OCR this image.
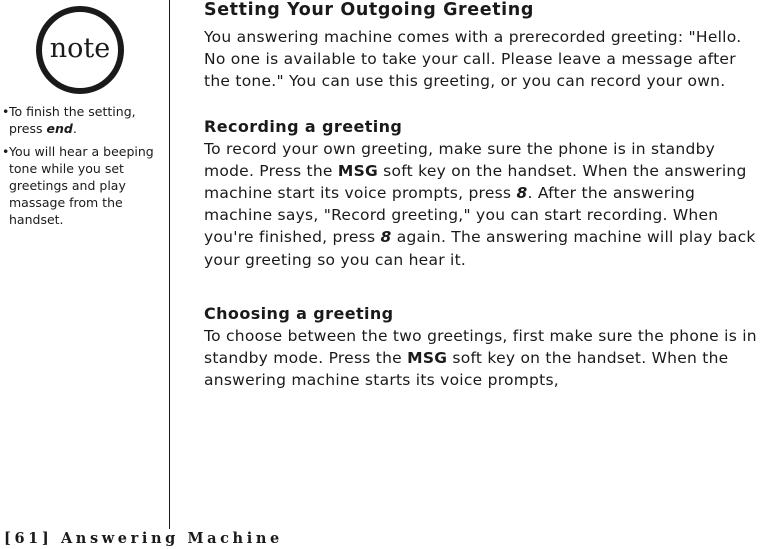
note
• To finish the setting, press end.
• You will hear a beeping tone while you set greetings and play massage from the handset.
Setting Your Outgoing Greeting

You answering machine comes with a prerecorded greeting: "Hello. No one is available to take your call. Please leave a message after the tone." You can use this greeting, or you can record your own.

Recording a greeting

To record your own greeting, make sure the phone is in standby mode. Press the MSG soft key on the handset. When the answering machine start its voice prompts, press 8. After the answering machine says, "Record greeting," you can start recording. When you're finished, press 8 again. The answering machine will play back your greeting so you can hear it.

Choosing a greeting

To choose between the two greetings, first make sure the phone is in standby mode. Press the MSG soft key on the handset. When the answering machine starts its voice prompts,

[61] Answering Machine
